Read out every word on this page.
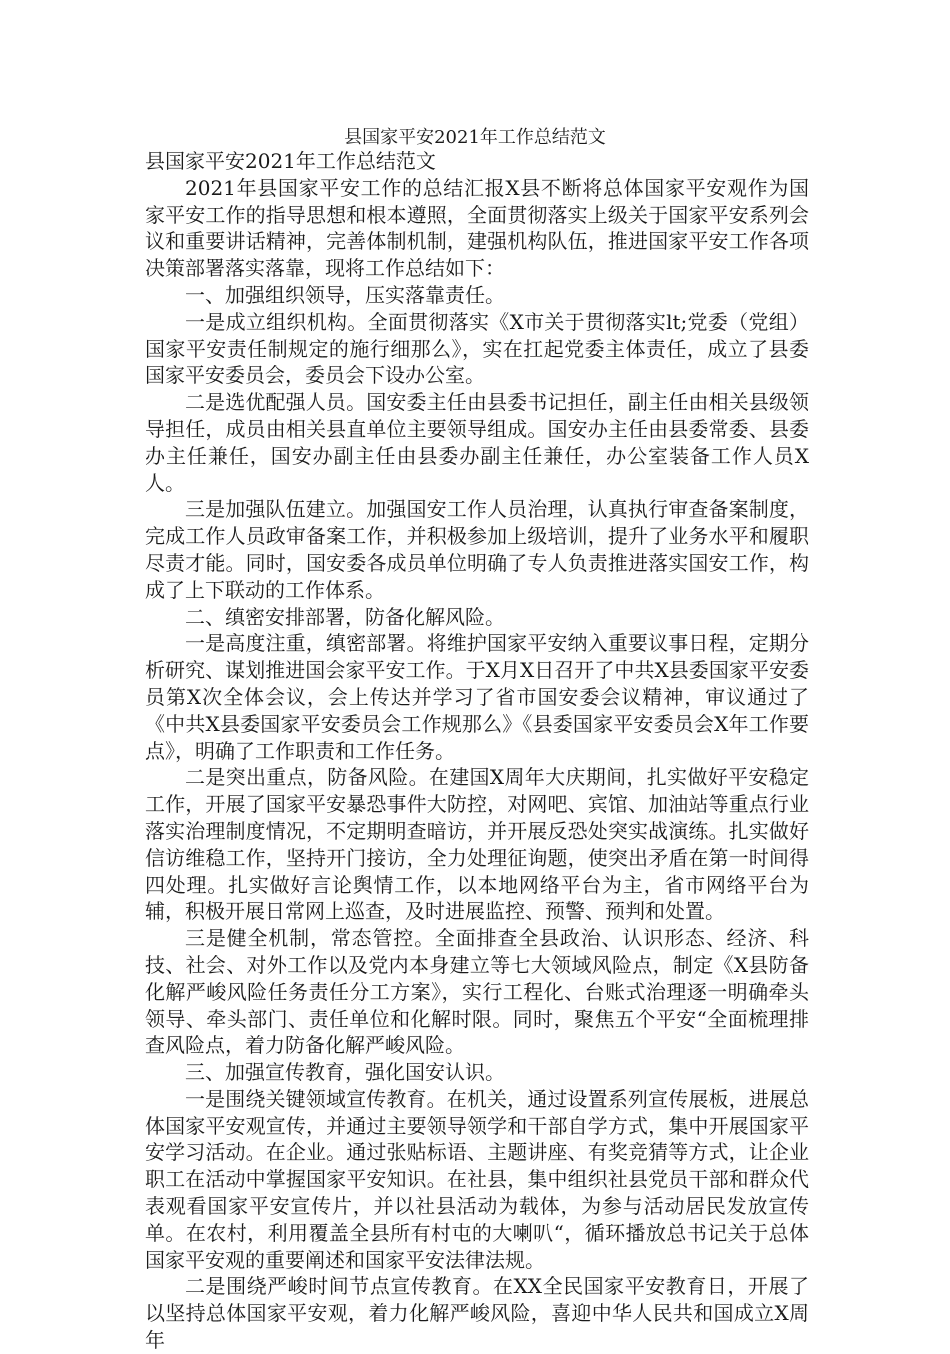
县国家平安2021年工作总结范文

县国家平安2021年工作总结范文

2021年县国家平安工作的总结汇报X县不断将总体国家平安观作为国家平安工作的指导思想和根本遵照，全面贯彻落实上级关于国家平安系列会议和重要讲话精神，完善体制机制，建强机构队伍，推进国家平安工作各项决策部署落实落靠，现将工作总结如下：

一、加强组织领导，压实落靠责任。

一是成立组织机构。全面贯彻落实《X市关于贯彻落实lt;党委（党组）国家平安责任制规定的施行细那么》，实在扛起党委主体责任，成立了县委国家平安委员会，委员会下设办公室。

二是选优配强人员。国安委主任由县委书记担任，副主任由相关县级领导担任，成员由相关县直单位主要领导组成。国安办主任由县委常委、县委办主任兼任，国安办副主任由县委办副主任兼任，办公室装备工作人员X人。

三是加强队伍建立。加强国安工作人员治理，认真执行审查备案制度，完成工作人员政审备案工作，并积极参加上级培训，提升了业务水平和履职尽责才能。同时，国安委各成员单位明确了专人负责推进落实国安工作，构成了上下联动的工作体系。

二、缜密安排部署，防备化解风险。

一是高度注重，缜密部署。将维护国家平安纳入重要议事日程，定期分析研究、谋划推进国会家平安工作。于X月X日召开了中共X县委国家平安委员第X次全体会议，会上传达并学习了省市国安委会议精神，审议通过了《中共X县委国家平安委员会工作规那么》《县委国家平安委员会X年工作要点》，明确了工作职责和工作任务。

二是突出重点，防备风险。在建国X周年大庆期间，扎实做好平安稳定工作，开展了国家平安暴恐事件大防控，对网吧、宾馆、加油站等重点行业落实治理制度情况，不定期明查暗访，并开展反恐处突实战演练。扎实做好信访维稳工作，坚持开门接访，全力处理征询题，使突出矛盾在第一时间得四处理。扎实做好言论舆情工作，以本地网络平台为主，省市网络平台为辅，积极开展日常网上巡查，及时进展监控、预警、预判和处置。

三是健全机制，常态管控。全面排查全县政治、认识形态、经济、科技、社会、对外工作以及党内本身建立等七大领域风险点，制定《X县防备化解严峻风险任务责任分工方案》，实行工程化、台账式治理逐一明确牵头领导、牵头部门、责任单位和化解时限。同时，聚焦五个平安“全面梳理排查风险点，着力防备化解严峻风险。

三、加强宣传教育，强化国安认识。

一是围绕关键领域宣传教育。在机关，通过设置系列宣传展板，进展总体国家平安观宣传，并通过主要领导领学和干部自学方式，集中开展国家平安学习活动。在企业。通过张贴标语、主题讲座、有奖竞猜等方式，让企业职工在活动中掌握国家平安知识。在社县，集中组织社县党员干部和群众代表观看国家平安宣传片，并以社县活动为载体，为参与活动居民发放宣传单。在农村，利用覆盖全县所有村屯的大喇叭“，循环播放总书记关于总体国家平安观的重要阐述和国家平安法律法规。

二是围绕严峻时间节点宣传教育。在XX全民国家平安教育日，开展了以坚持总体国家平安观，着力化解严峻风险，喜迎中华人民共和国成立X周年
